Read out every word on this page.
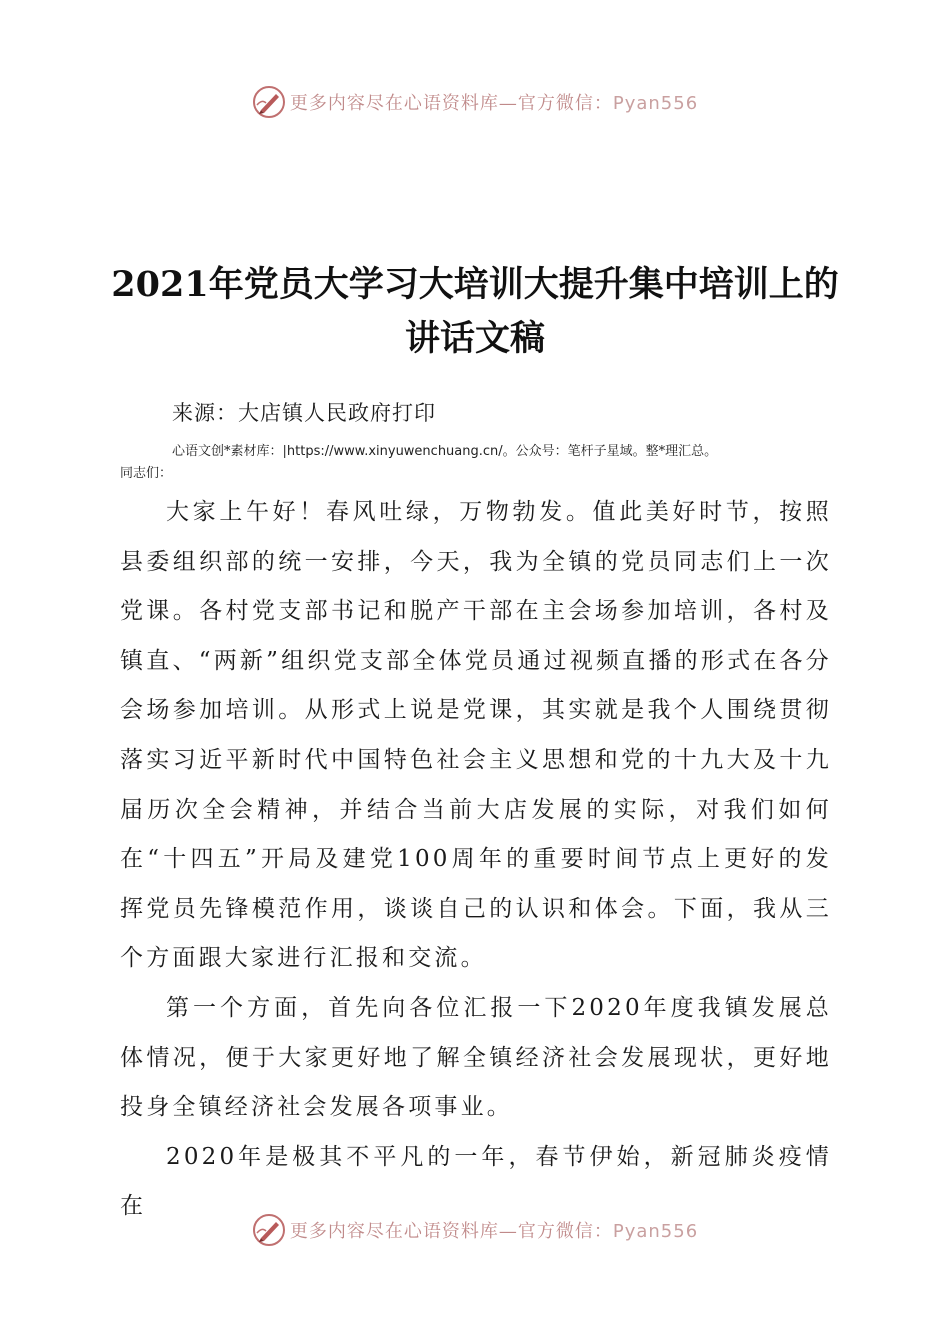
更多内容尽在心语资料库—官方微信：Pyan556
2021年党员大学习大培训大提升集中培训上的
讲话文稿
来源：大店镇人民政府打印
心语文创*素材库：|https://www.xinyuwenchuang.cn/。公众号：笔杆子星域。整*理汇总。
同志们：

大家上午好！春风吐绿，万物勃发。值此美好时节，按照县委组织部的统一安排，今天，我为全镇的党员同志们上一次党课。各村党支部书记和脱产干部在主会场参加培训，各村及镇直、“两新”组织党支部全体党员通过视频直播的形式在各分会场参加培训。从形式上说是党课，其实就是我个人围绕贯彻落实习近平新时代中国特色社会主义思想和党的十九大及十九届历次全会精神，并结合当前大店发展的实际，对我们如何在“十四五”开局及建党100周年的重要时间节点上更好的发挥党员先锋模范作用，谈谈自己的认识和体会。下面，我从三个方面跟大家进行汇报和交流。

第一个方面，首先向各位汇报一下2020年度我镇发展总体情况，便于大家更好地了解全镇经济社会发展现状，更好地投身全镇经济社会发展各项事业。

2020年是极其不平凡的一年，春节伊始，新冠肺炎疫情在

更多内容尽在心语资料库—官方微信：Pyan556
